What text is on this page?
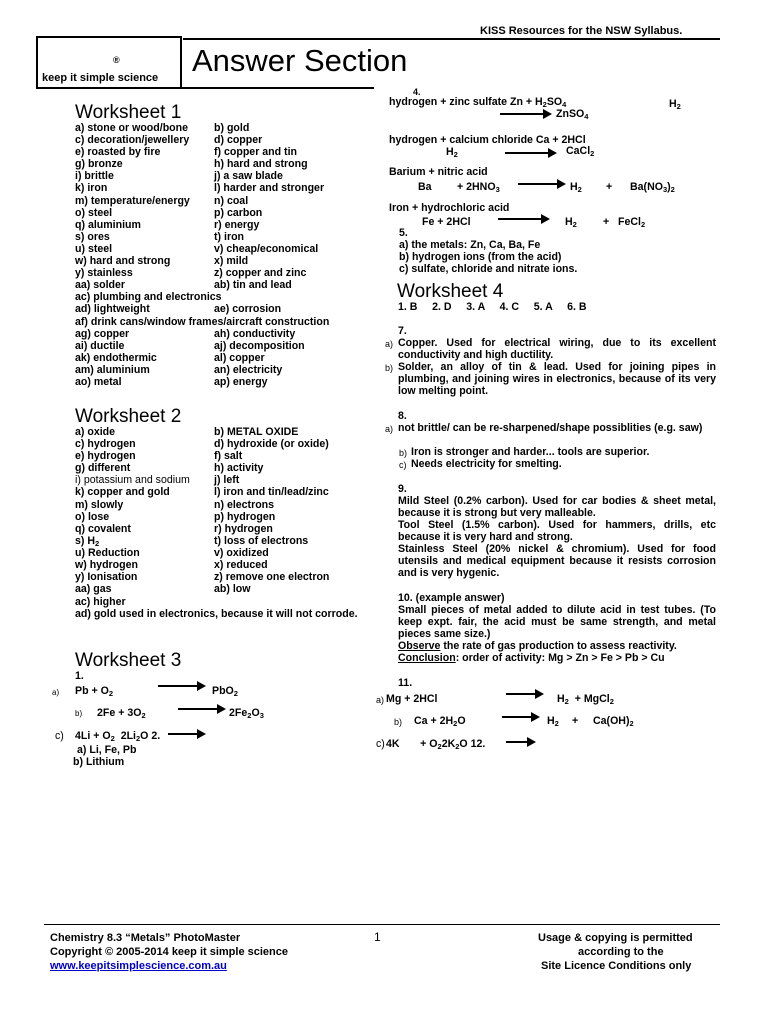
KISS Resources for the NSW Syllabus.
®
keep it simple science Answer Section
Worksheet 1
a) stone or wood/bone b) gold
c) decoration/jewellery d) copper
e) roasted by fire	f) copper and tin
g) bronze	h) hard and strong
i) brittle	j) a saw blade
k) iron	l) harder and stronger
m) temperature/energy n) coal
o) steel	p) carbon
q) aluminium	r) energy
s) ores	t) iron
u) steel	v) cheap/economical
w) hard and strong	x) mild
y) stainless	z) copper and zinc
aa) solder	ab) tin and lead
ac) plumbing and electronics
ad) lightweight	ae) corrosion
af) drink cans/window frames/aircraft construction
ag) copper	ah) conductivity
ai) ductile	aj) decomposition
ak) endothermic	al) copper
am) aluminium	an) electricity
ao) metal	ap) energy
Worksheet 2
a) oxide	b) METAL OXIDE
c) hydrogen	d) hydroxide (or oxide)
e) hydrogen	f) salt
g) different	h) activity
i) potassium and sodium j) left
k) copper and gold	l) iron and tin/lead/zinc
m) slowly	n) electrons
o) lose	p) hydrogen
q) covalent	r) hydrogen
s) $H_2$	t) loss of electrons
u) Reduction	v) oxidized
w) hydrogen	x) reduced
y) Ionisation	z) remove one electron
aa) gas	ab) low
ac) higher
ad) gold used in electronics, because it will not corrode.
Worksheet 3
1.
a) $Pb + O_2$	PbO$_2$
b) $2Fe + 3O_2$	$2Fe_2O_3$
c) $4Li + O_2$ $2Li_2O$ 2.
a) Li, Fe, Pb
b) Lithium
4.
hydrogen + zinc sulfate $Zn + H_2SO_4$	$H_2$
ZnSO$_4$
hydrogen + calcium chloride Ca + 2HCl
$H_2$	CaCl$_2$
Barium + nitric acid
$Ba + 2HNO_3$	$H_2 + Ba(NO_3)_2$
Iron + hydrochloric acid
Fe + 2HCl	$H_2$ + FeCl$_2$
5.
a) the metals: Zn, Ca, Ba, Fe
b) hydrogen ions (from the acid)
c) sulfate, chloride and nitrate ions.
Worksheet 4
1. B     2. D     3. A     4. C     5. A     6. B
7.
a) Copper. Used for electrical wiring, due to its excellent conductivity and high ductility.
b) Solder, an alloy of tin & lead. Used for joining pipes in plumbing, and joining wires in electronics, because of its very low melting point.
8.
a) not brittle/ can be re-sharpened/shape possiblities (e.g. saw)
b) Iron is stronger and harder... tools are superior.
c) Needs electricity for smelting.
9.
Mild Steel (0.2% carbon). Used for car bodies & sheet metal, because it is strong but very malleable.
Tool Steel (1.5% carbon). Used for hammers, drills, etc because it is very hard and strong.
Stainless Steel (20% nickel & chromium). Used for food utensils and medical equipment because it resists corrosion and is very hygenic.
10. (example answer)
Small pieces of metal added to dilute acid in test tubes. (To keep expt. fair, the acid must be same strength, and metal pieces same size.)
Observe the rate of gas production to assess reactivity.
Conclusion: order of activity: Mg > Zn > Fe > Pb > Cu
11.
a) Mg + 2HCl	$H_2$ + MgCl$_2$
b) $Ca + 2H_2O$	$H_2 + Ca(OH)_2$
c) $4K + O_22K_2O$ 12.
Chemistry 8.3 “Metals” PhotoMaster
Copyright © 2005-2014 keep it simple science
www.keepitsimplescience.com.au
1	Usage & copying is permitted
according to the
Site Licence Conditions only
